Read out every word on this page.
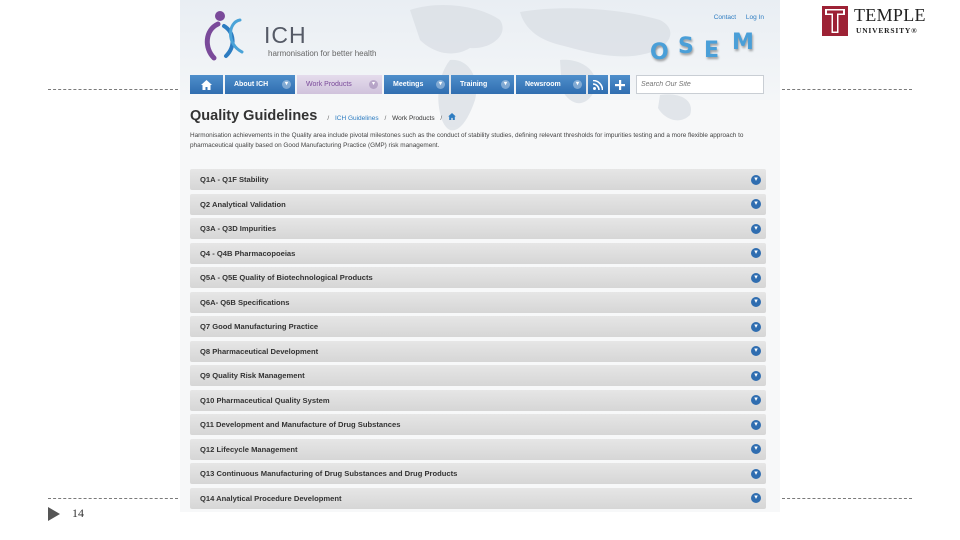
TEMPLE
UNIVERSITY®
ICH
harmonisation for better health
Contact Log In
O S E M
About ICH	▾	Work Products	▾	Meetings	▾	Training	▾	Newsroom	▾
Search Our Site
Quality Guidelines	/ ICH Guidelines / Work Products /
Harmonisation achievements in the Quality area include pivotal milestones such as the conduct of stability studies, defining relevant thresholds for impurities testing and a more flexible approach to pharmaceutical quality based on Good Manufacturing Practice (GMP) risk management.
Q1A - Q1F Stability	▾
Q2 Analytical Validation	▾
Q3A - Q3D Impurities	▾
Q4 - Q4B Pharmacopoeias	▾
Q5A - Q5E Quality of Biotechnological Products	▾
Q6A- Q6B Specifications	▾
Q7 Good Manufacturing Practice	▾
Q8 Pharmaceutical Development	▾
Q9 Quality Risk Management	▾
Q10 Pharmaceutical Quality System	▾
Q11 Development and Manufacture of Drug Substances	▾
Q12 Lifecycle Management	▾
Q13 Continuous Manufacturing of Drug Substances and Drug Products	▾
Q14 Analytical Procedure Development	▾
14
